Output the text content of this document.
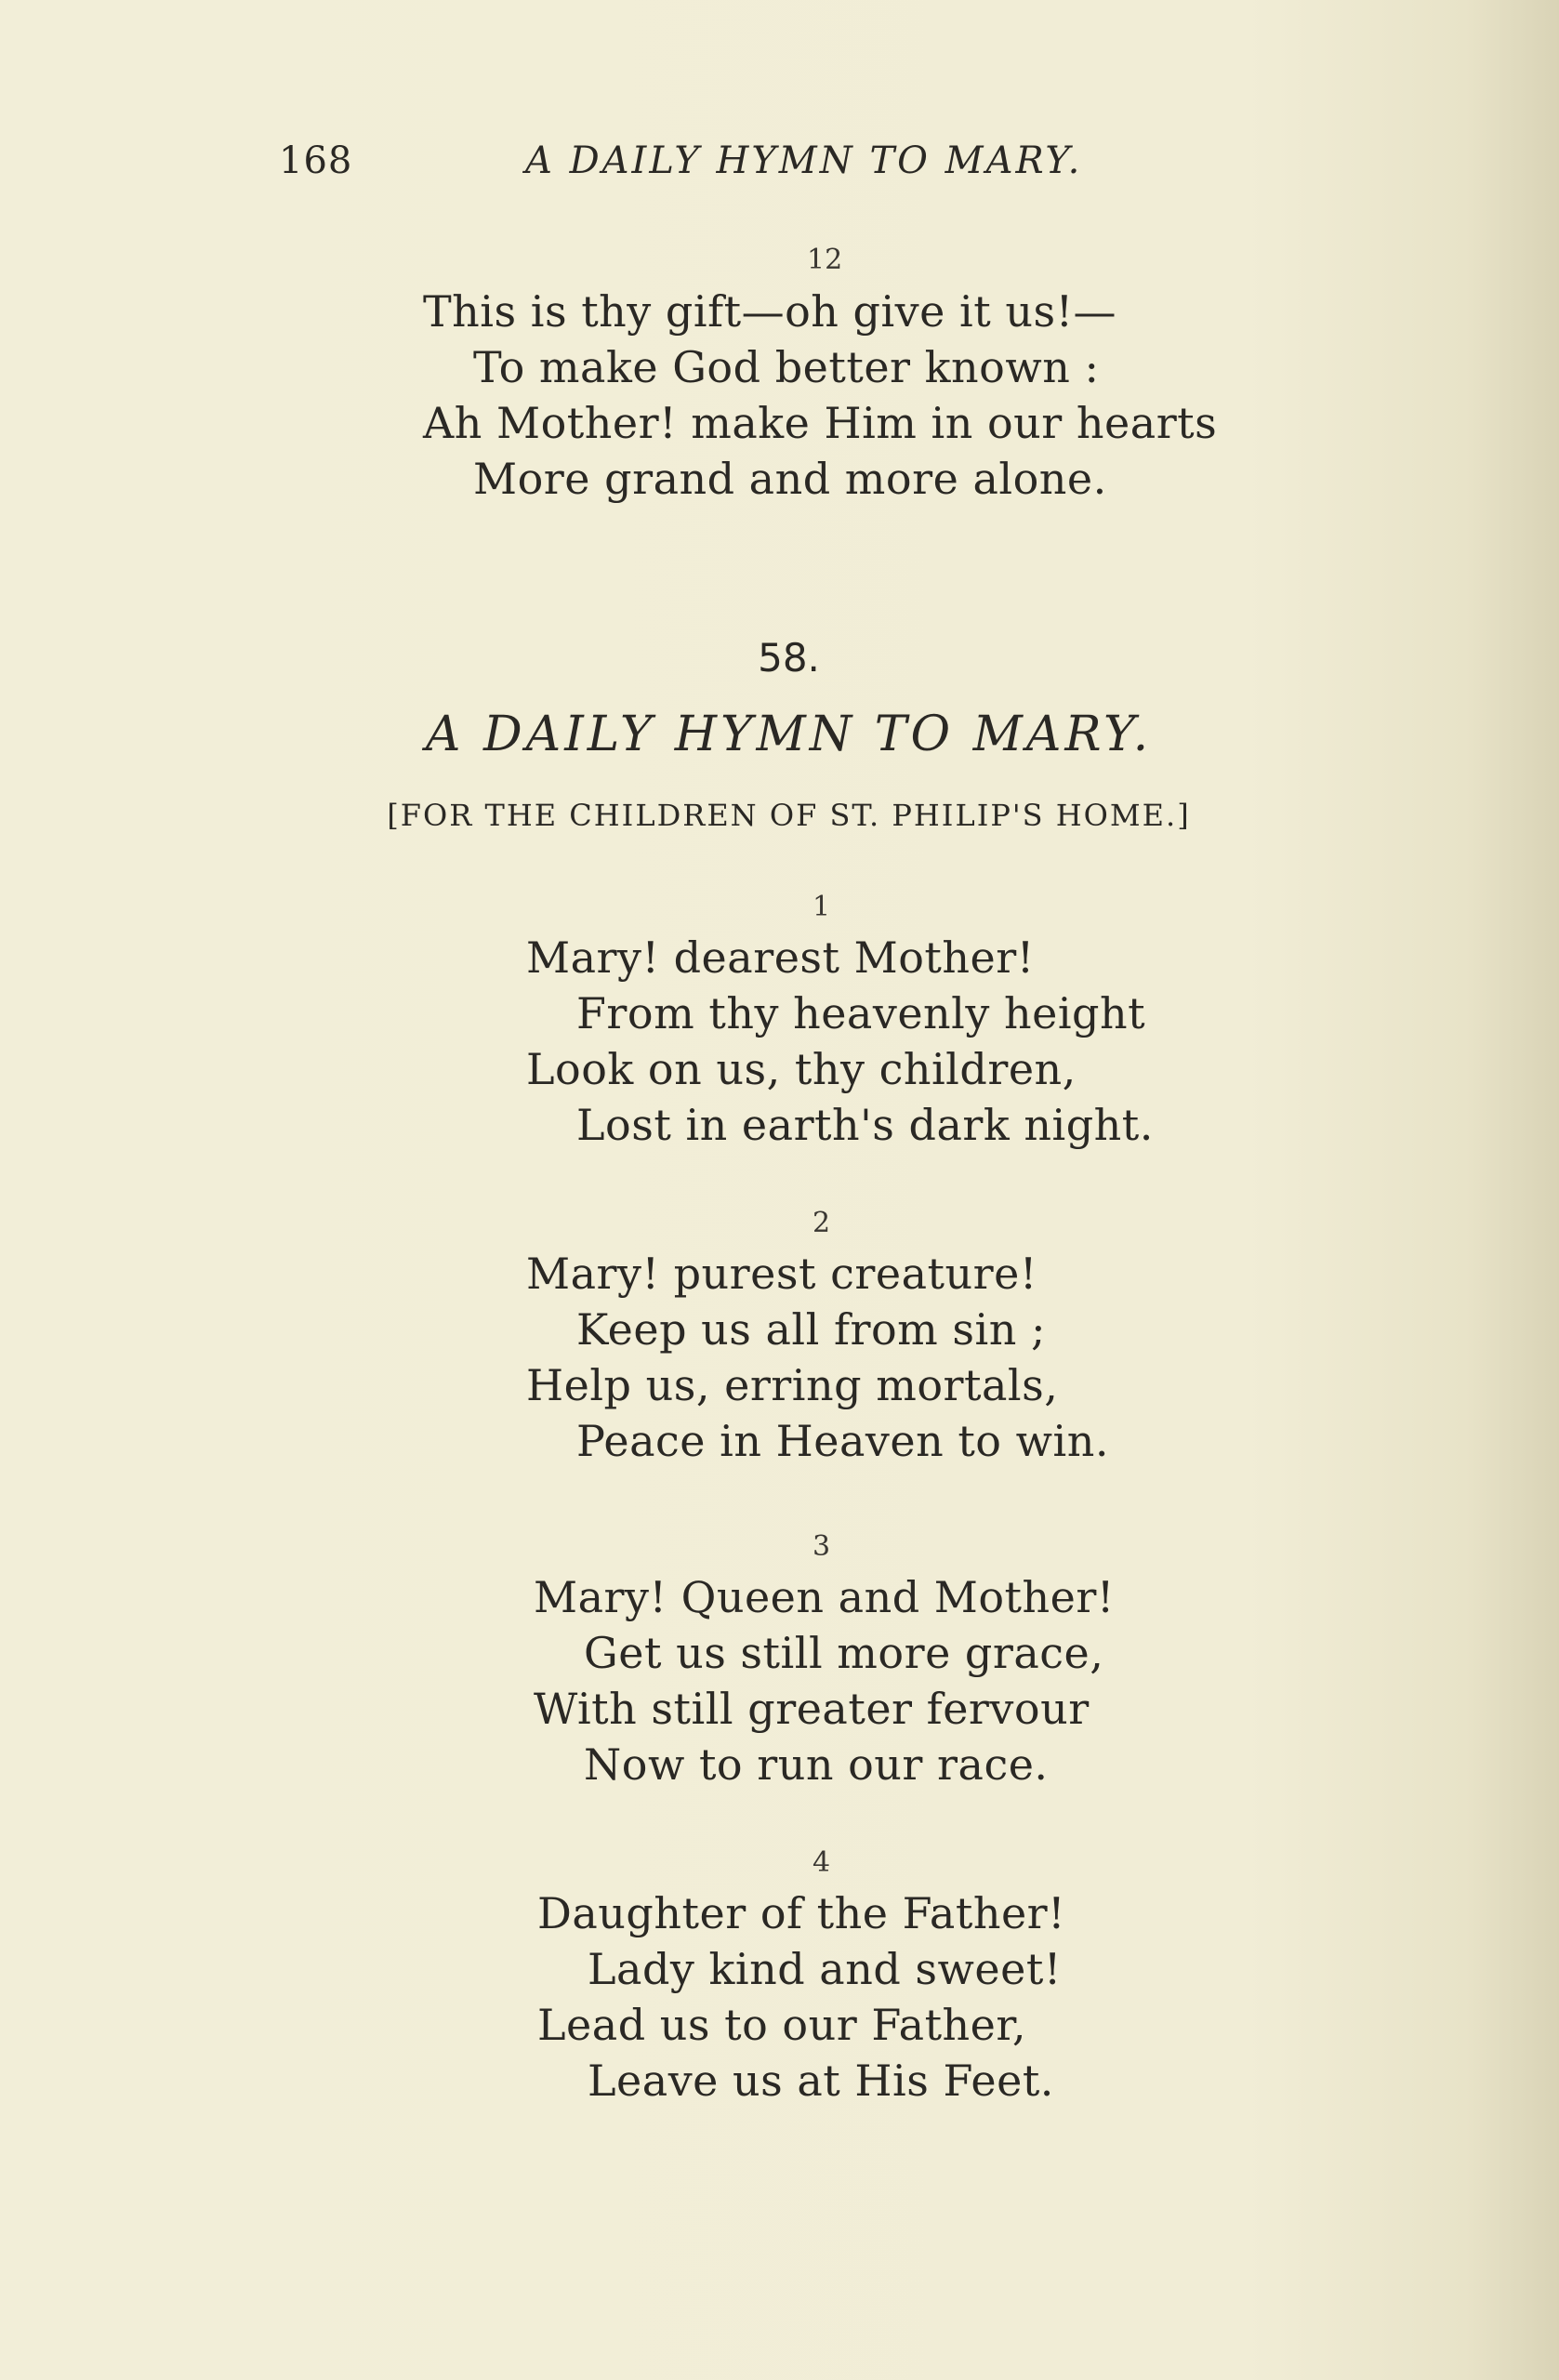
168	A DAILY HYMN TO MARY.
12
This is thy gift—oh give it us!—
To make God better known :
Ah Mother! make Him in our hearts
More grand and more alone.
58.
A DAILY HYMN TO MARY.
[FOR THE CHILDREN OF ST. PHILIP'S HOME.]
1
Mary! dearest Mother!
From thy heavenly height
Look on us, thy children,
Lost in earth's dark night.
2
Mary! purest creature!
Keep us all from sin ;
Help us, erring mortals,
Peace in Heaven to win.
3
Mary! Queen and Mother!
Get us still more grace,
With still greater fervour
Now to run our race.
4
Daughter of the Father!
Lady kind and sweet!
Lead us to our Father,
Leave us at His Feet.
